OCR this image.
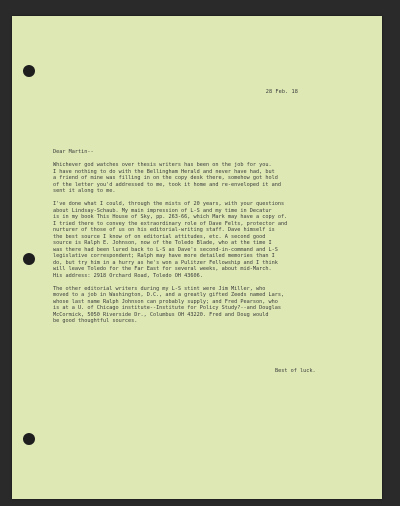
28 Feb. 18
Dear Martin--
Whichever god watches over thesis writers has been on the job for you.
I have nothing to do with the Bellingham Herald and never have had, but
a friend of mine was filling in on the copy desk there, somehow got hold
of the letter you'd addressed to me, took it home and re-enveloped it and
sent it along to me.
I've done what I could, through the mists of 20 years, with your questions
about Lindsay-Schaub. My main impression of L-S and my time in Decatur
is in my book This House of Sky, pp. 263-66, which Mark may have a copy of.
I tried there to convey the extraordinary role of Dave Felts, protector and
nurturer of those of us on his editorial-writing staff. Dave himself is
the best source I know of on editorial attitudes, etc. A second good
source is Ralph E. Johnson, now of the Toledo Blade, who at the time I
was there had been lured back to L-S as Dave's second-in-command and L-S
legislative correspondent; Ralph may have more detailed memories than I
do, but try him in a hurry as he's won a Pulitzer Fellowship and I think
will leave Toledo for the Far East for several weeks, about mid-March.
His address: 2918 Orchard Road, Toledo OH 43606.
The other editorial writers during my L-S stint were Jim Miller, who
moved to a job in Washington, D.C., and a greatly gifted Zeeds named Lars,
whose last name Ralph Johnson can probably supply; and Fred Pearson, who
is at a U. of Chicago institute--Institute for Policy Study?--and Douglas
McCormick, 5050 Riverside Dr., Columbus OH 43220. Fred and Doug would
be good thoughtful sources.
Best of luck.
